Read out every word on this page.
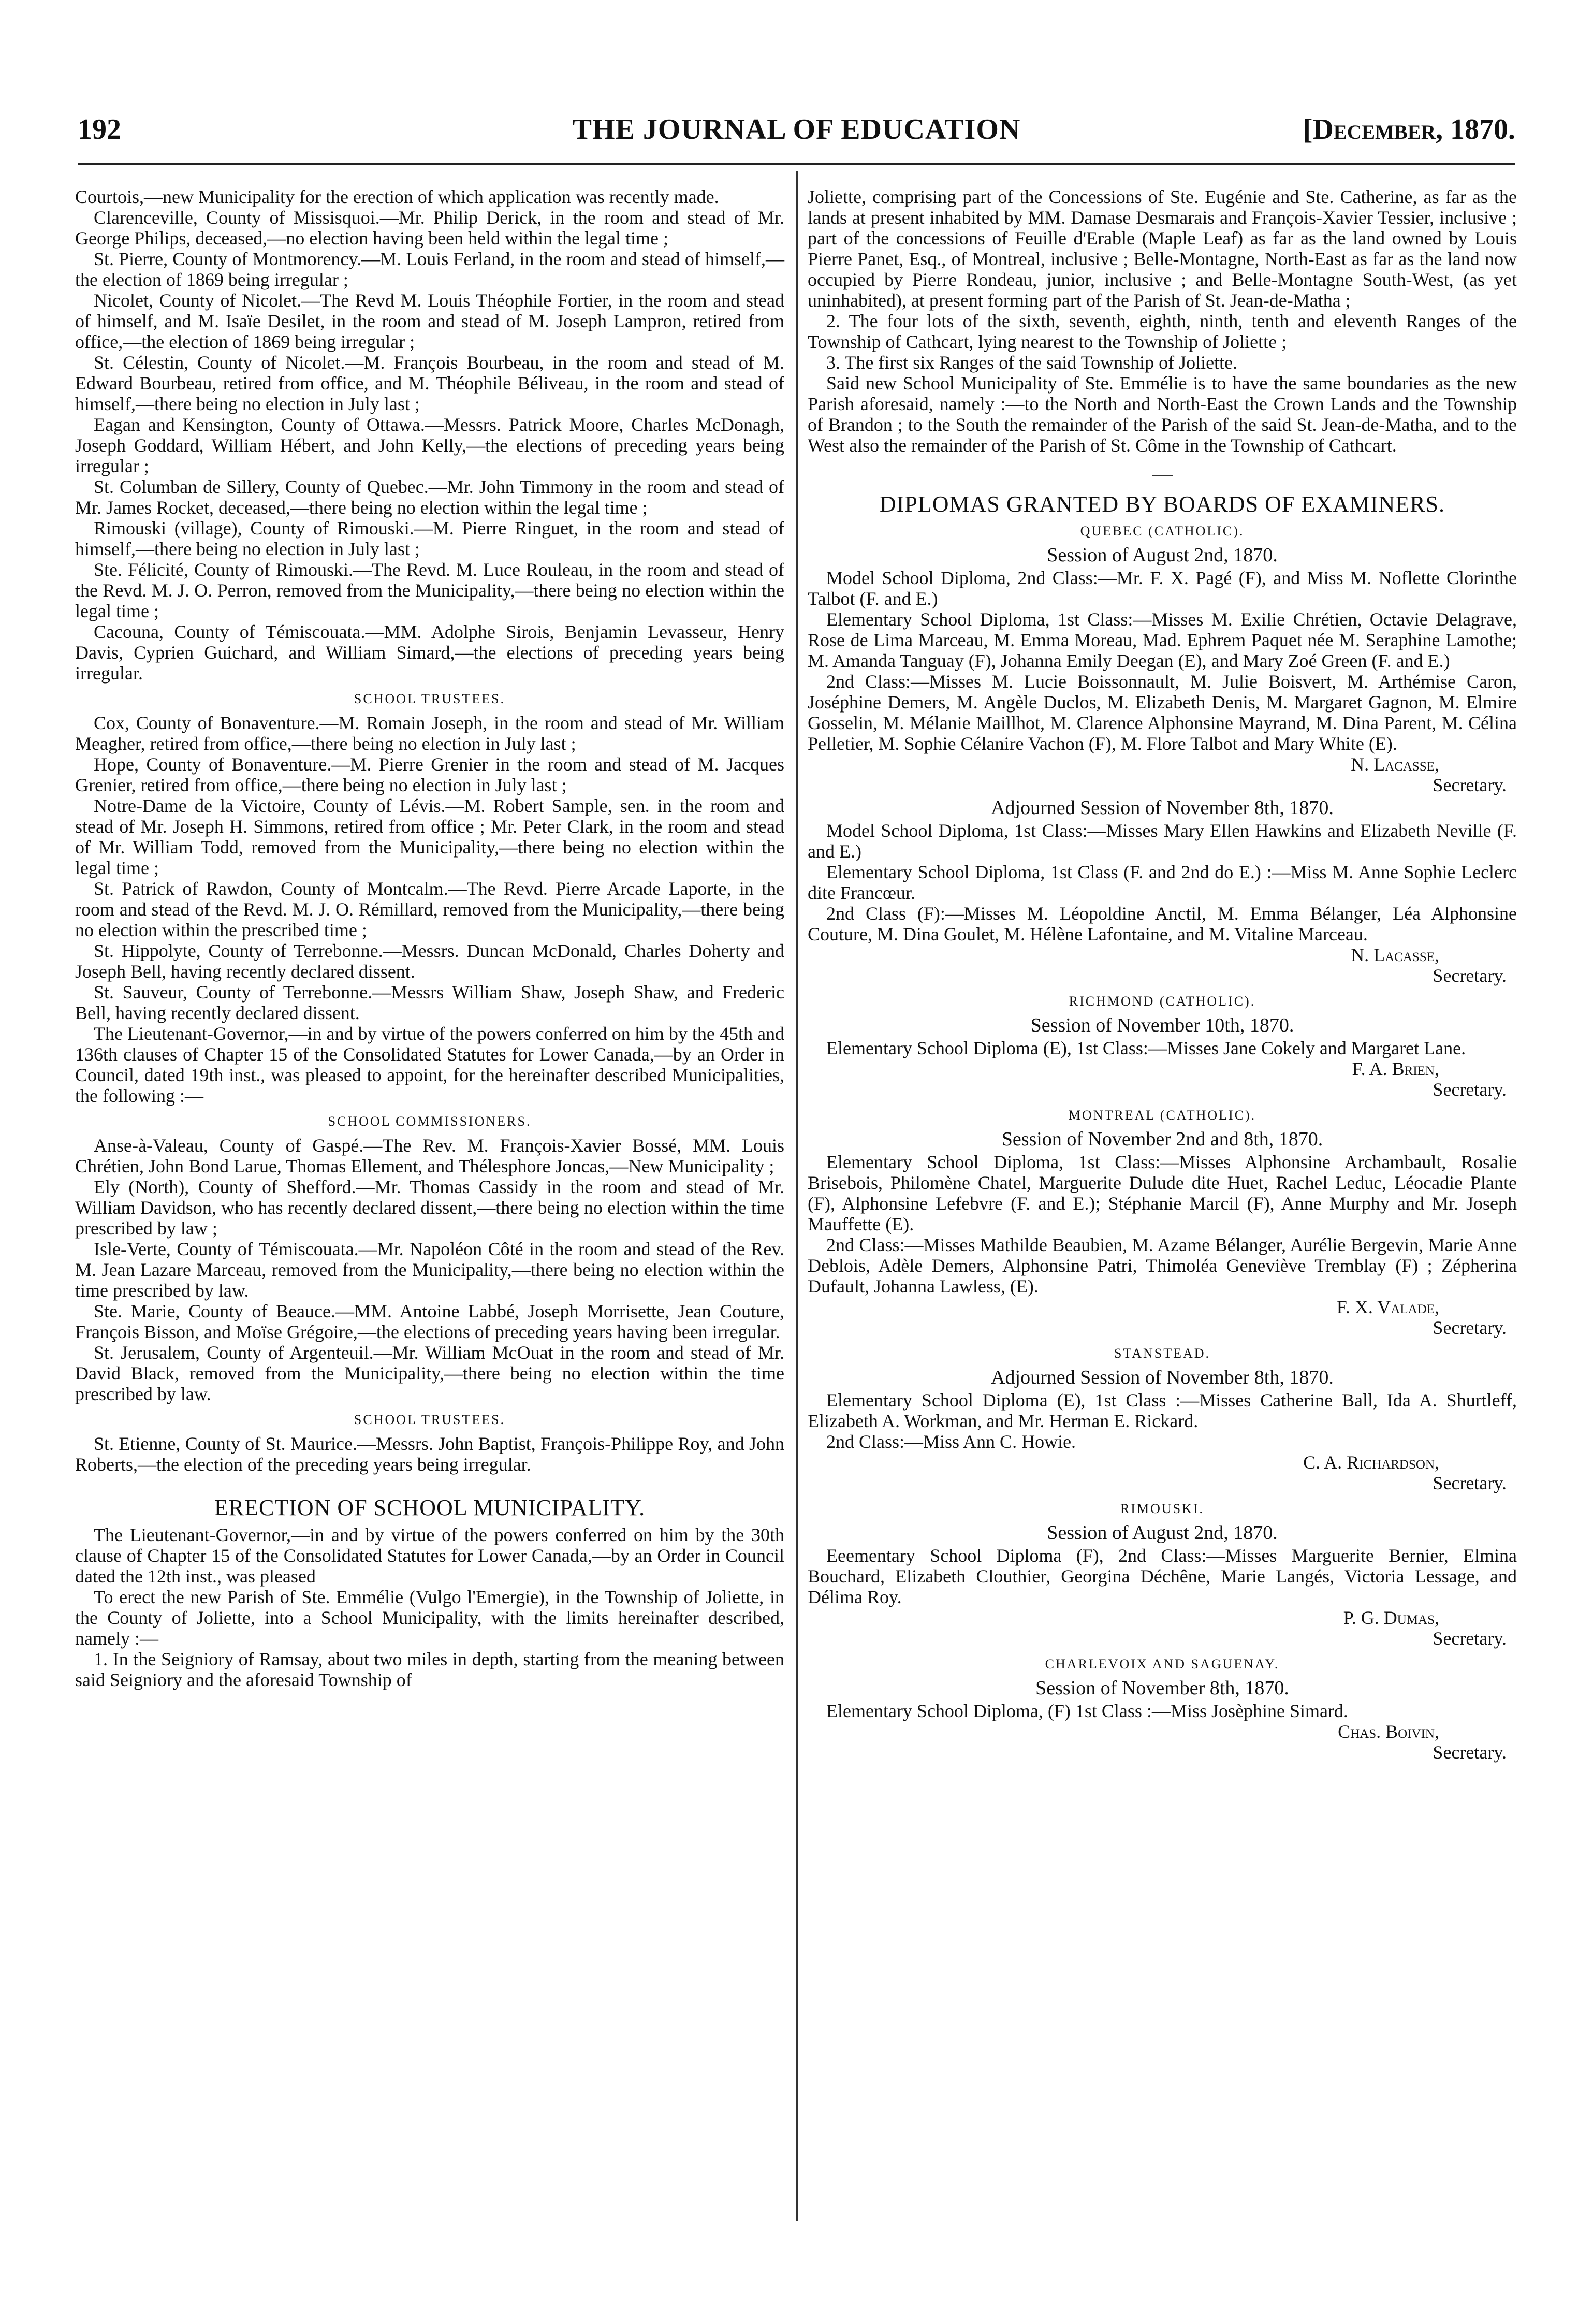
192	THE JOURNAL OF EDUCATION	[December, 1870.

Courtois,—new Municipality for the erection of which application was recently made.

Clarenceville, County of Missisquoi.—Mr. Philip Derick, in the room and stead of Mr. George Philips, deceased,—no election having been held within the legal time ;

St. Pierre, County of Montmorency.—M. Louis Ferland, in the room and stead of himself,—the election of 1869 being irregular ;

Nicolet, County of Nicolet.—The Revd M. Louis Théophile Fortier, in the room and stead of himself, and M. Isaïe Desilet, in the room and stead of M. Joseph Lampron, retired from office,—the election of 1869 being irregular ;

St. Célestin, County of Nicolet.—M. François Bourbeau, in the room and stead of M. Edward Bourbeau, retired from office, and M. Théophile Béliveau, in the room and stead of himself,—there being no election in July last ;

Eagan and Kensington, County of Ottawa.—Messrs. Patrick Moore, Charles McDonagh, Joseph Goddard, William Hébert, and John Kelly,—the elections of preceding years being irregular ;

St. Columban de Sillery, County of Quebec.—Mr. John Timmony in the room and stead of Mr. James Rocket, deceased,—there being no election within the legal time ;

Rimouski (village), County of Rimouski.—M. Pierre Ringuet, in the room and stead of himself,—there being no election in July last ;

Ste. Félicité, County of Rimouski.—The Revd. M. Luce Rouleau, in the room and stead of the Revd. M. J. O. Perron, removed from the Municipality,—there being no election within the legal time ;

Cacouna, County of Témiscouata.—MM. Adolphe Sirois, Benjamin Levasseur, Henry Davis, Cyprien Guichard, and William Simard,—the elections of preceding years being irregular.

SCHOOL TRUSTEES.

Cox, County of Bonaventure.—M. Romain Joseph, in the room and stead of Mr. William Meagher, retired from office,—there being no election in July last ;

Hope, County of Bonaventure.—M. Pierre Grenier in the room and stead of M. Jacques Grenier, retired from office,—there being no election in July last ;

Notre-Dame de la Victoire, County of Lévis.—M. Robert Sample, sen. in the room and stead of Mr. Joseph H. Simmons, retired from office ; Mr. Peter Clark, in the room and stead of Mr. William Todd, removed from the Municipality,—there being no election within the legal time ;

St. Patrick of Rawdon, County of Montcalm.—The Revd. Pierre Arcade Laporte, in the room and stead of the Revd. M. J. O. Rémillard, removed from the Municipality,—there being no election within the prescribed time ;

St. Hippolyte, County of Terrebonne.—Messrs. Duncan McDonald, Charles Doherty and Joseph Bell, having recently declared dissent.

St. Sauveur, County of Terrebonne.—Messrs William Shaw, Joseph Shaw, and Frederic Bell, having recently declared dissent.

The Lieutenant-Governor,—in and by virtue of the powers conferred on him by the 45th and 136th clauses of Chapter 15 of the Consolidated Statutes for Lower Canada,—by an Order in Council, dated 19th inst., was pleased to appoint, for the hereinafter described Municipalities, the following :—

SCHOOL COMMISSIONERS.

Anse-à-Valeau, County of Gaspé.—The Rev. M. François-Xavier Bossé, MM. Louis Chrétien, John Bond Larue, Thomas Ellement, and Thélesphore Joncas,—New Municipality ;

Ely (North), County of Shefford.—Mr. Thomas Cassidy in the room and stead of Mr. William Davidson, who has recently declared dissent,—there being no election within the time prescribed by law ;

Isle-Verte, County of Témiscouata.—Mr. Napoléon Côté in the room and stead of the Rev. M. Jean Lazare Marceau, removed from the Municipality,—there being no election within the time prescribed by law.

Ste. Marie, County of Beauce.—MM. Antoine Labbé, Joseph Morrisette, Jean Couture, François Bisson, and Moïse Grégoire,—the elections of preceding years having been irregular.

St. Jerusalem, County of Argenteuil.—Mr. William McOuat in the room and stead of Mr. David Black, removed from the Municipality,—there being no election within the time prescribed by law.

SCHOOL TRUSTEES.

St. Etienne, County of St. Maurice.—Messrs. John Baptist, François-Philippe Roy, and John Roberts,—the election of the preceding years being irregular.

ERECTION OF SCHOOL MUNICIPALITY.

The Lieutenant-Governor,—in and by virtue of the powers conferred on him by the 30th clause of Chapter 15 of the Consolidated Statutes for Lower Canada,—by an Order in Council dated the 12th inst., was pleased

To erect the new Parish of Ste. Emmélie (Vulgo l'Emergie), in the Township of Joliette, in the County of Joliette, into a School Municipality, with the limits hereinafter described, namely :—

1. In the Seigniory of Ramsay, about two miles in depth, starting from the meaning between said Seigniory and the aforesaid Township of

Joliette, comprising part of the Concessions of Ste. Eugénie and Ste. Catherine, as far as the lands at present inhabited by MM. Damase Desmarais and François-Xavier Tessier, inclusive ; part of the concessions of Feuille d'Erable (Maple Leaf) as far as the land owned by Louis Pierre Panet, Esq., of Montreal, inclusive ; Belle-Montagne, North-East as far as the land now occupied by Pierre Rondeau, junior, inclusive ; and Belle-Montagne South-West, (as yet uninhabited), at present forming part of the Parish of St. Jean-de-Matha ;

2. The four lots of the sixth, seventh, eighth, ninth, tenth and eleventh Ranges of the Township of Cathcart, lying nearest to the Township of Joliette ;

3. The first six Ranges of the said Township of Joliette.

Said new School Municipality of Ste. Emmélie is to have the same boundaries as the new Parish aforesaid, namely :—to the North and North-East the Crown Lands and the Township of Brandon ; to the South the remainder of the Parish of the said St. Jean-de-Matha, and to the West also the remainder of the Parish of St. Côme in the Township of Cathcart.

DIPLOMAS GRANTED BY BOARDS OF EXAMINERS.
QUEBEC (CATHOLIC).
Session of August 2nd, 1870.

Model School Diploma, 2nd Class:—Mr. F. X. Pagé (F), and Miss M. Noflette Clorinthe Talbot (F. and E.)

Elementary School Diploma, 1st Class:—Misses M. Exilie Chrétien, Octavie Delagrave, Rose de Lima Marceau, M. Emma Moreau, Mad. Ephrem Paquet née M. Seraphine Lamothe; M. Amanda Tanguay (F), Johanna Emily Deegan (E), and Mary Zoé Green (F. and E.)

2nd Class:—Misses M. Lucie Boissonnault, M. Julie Boisvert, M. Arthémise Caron, Joséphine Demers, M. Angèle Duclos, M. Elizabeth Denis, M. Margaret Gagnon, M. Elmire Gosselin, M. Mélanie Maillhot, M. Clarence Alphonsine Mayrand, M. Dina Parent, M. Célina Pelletier, M. Sophie Célanire Vachon (F), M. Flore Talbot and Mary White (E).

N. Lacasse,
Secretary.
Adjourned Session of November 8th, 1870.

Model School Diploma, 1st Class:—Misses Mary Ellen Hawkins and Elizabeth Neville (F. and E.)

Elementary School Diploma, 1st Class (F. and 2nd do E.) :—Miss M. Anne Sophie Leclerc dite Francœur.

2nd Class (F):—Misses M. Léopoldine Anctil, M. Emma Bélanger, Léa Alphonsine Couture, M. Dina Goulet, M. Hélène Lafontaine, and M. Vitaline Marceau.

N. Lacasse,
Secretary.
RICHMOND (CATHOLIC).
Session of November 10th, 1870.

Elementary School Diploma (E), 1st Class:—Misses Jane Cokely and Margaret Lane.

F. A. Brien,
Secretary.
MONTREAL (CATHOLIC).
Session of November 2nd and 8th, 1870.

Elementary School Diploma, 1st Class:—Misses Alphonsine Archambault, Rosalie Brisebois, Philomène Chatel, Marguerite Dulude dite Huet, Rachel Leduc, Léocadie Plante (F), Alphonsine Lefebvre (F. and E.); Stéphanie Marcil (F), Anne Murphy and Mr. Joseph Mauffette (E).

2nd Class:—Misses Mathilde Beaubien, M. Azame Bélanger, Aurélie Bergevin, Marie Anne Deblois, Adèle Demers, Alphonsine Patri, Thimoléa Geneviève Tremblay (F) ; Zépherina Dufault, Johanna Lawless, (E).

F. X. Valade,
Secretary.
STANSTEAD.
Adjourned Session of November 8th, 1870.

Elementary School Diploma (E), 1st Class :—Misses Catherine Ball, Ida A. Shurtleff, Elizabeth A. Workman, and Mr. Herman E. Rickard.

2nd Class:—Miss Ann C. Howie.

C. A. Richardson,
Secretary.
RIMOUSKI.
Session of August 2nd, 1870.

Eeementary School Diploma (F), 2nd Class:—Misses Marguerite Bernier, Elmina Bouchard, Elizabeth Clouthier, Georgina Déchêne, Marie Langés, Victoria Lessage, and Délima Roy.

P. G. Dumas,
Secretary.
CHARLEVOIX AND SAGUENAY.
Session of November 8th, 1870.

Elementary School Diploma, (F) 1st Class :—Miss Josèphine Simard.

Chas. Boivin,
Secretary.
